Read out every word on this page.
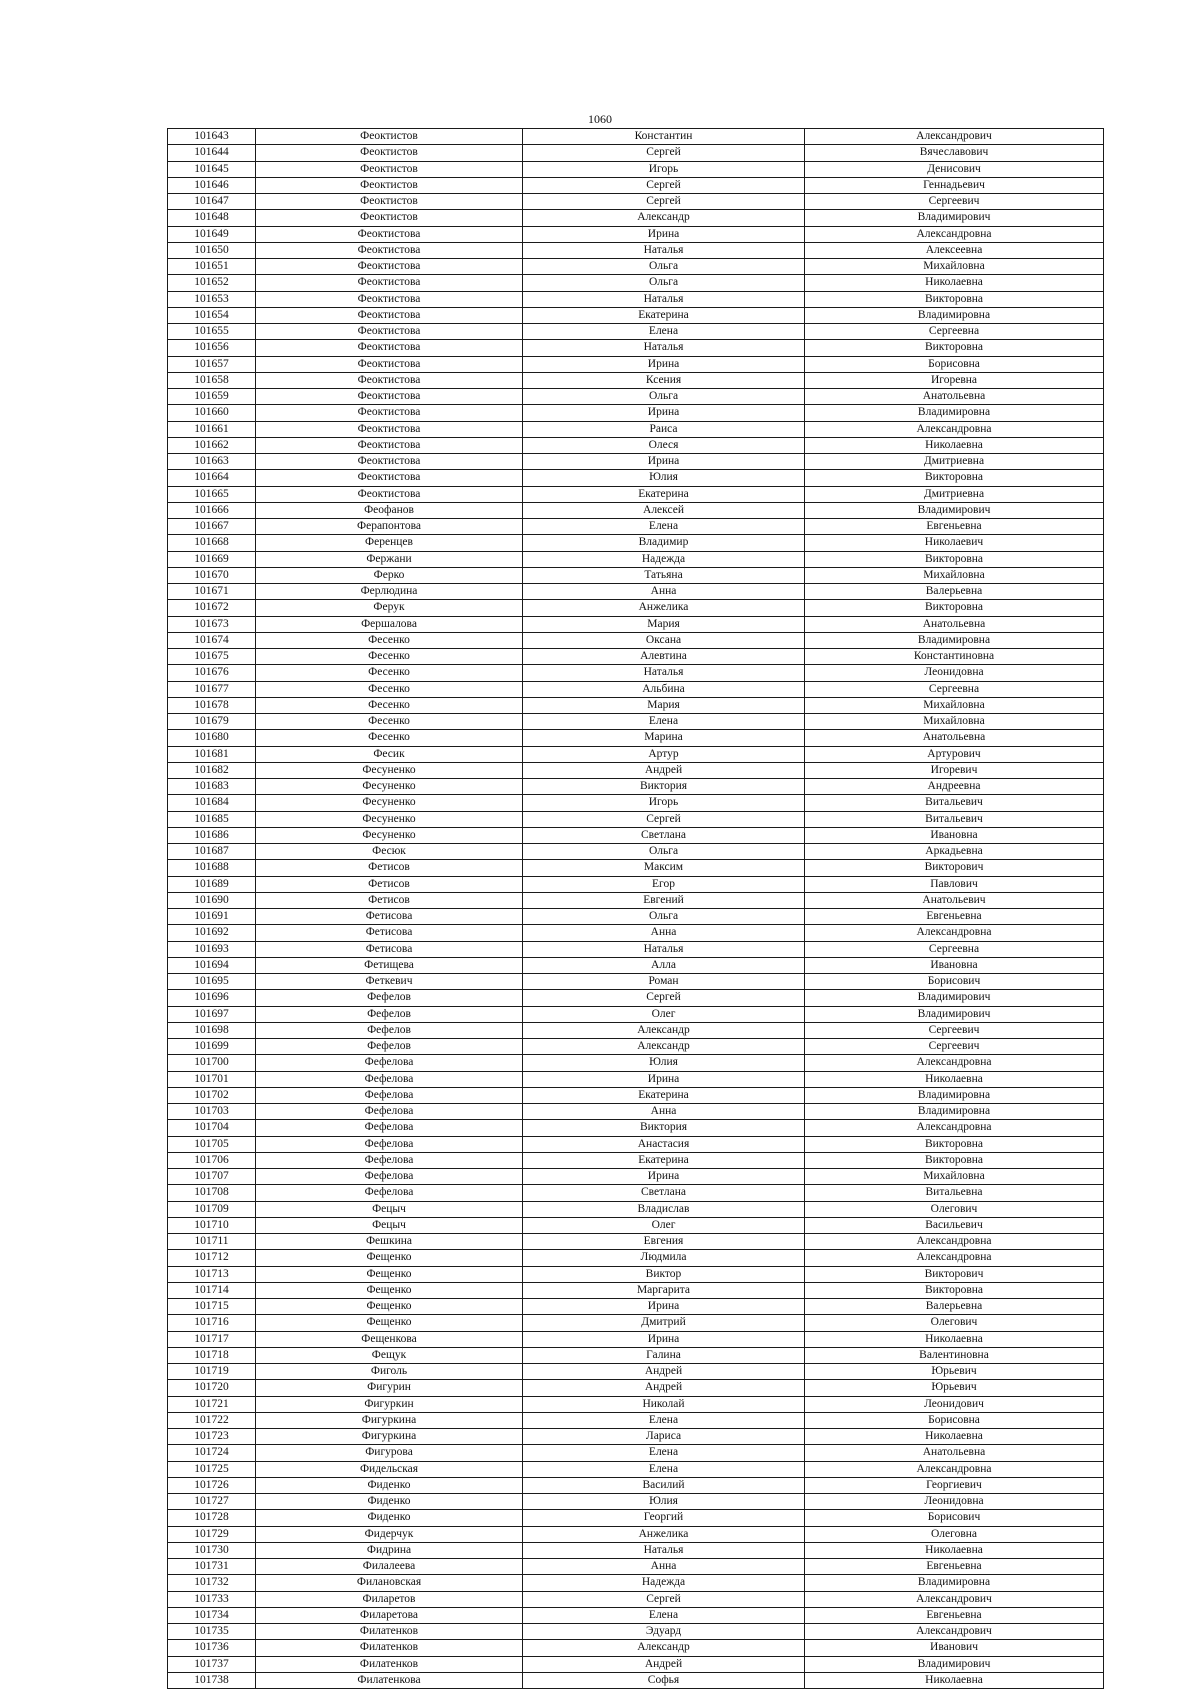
1060
101643	Феоктистов	Константин	Александрович
101644	Феоктистов	Сергей	Вячеславович
101645	Феоктистов	Игорь	Денисович
101646	Феоктистов	Сергей	Геннадьевич
101647	Феоктистов	Сергей	Сергеевич
101648	Феоктистов	Александр	Владимирович
101649	Феоктистова	Ирина	Александровна
101650	Феоктистова	Наталья	Алексеевна
101651	Феоктистова	Ольга	Михайловна
101652	Феоктистова	Ольга	Николаевна
101653	Феоктистова	Наталья	Викторовна
101654	Феоктистова	Екатерина	Владимировна
101655	Феоктистова	Елена	Сергеевна
101656	Феоктистова	Наталья	Викторовна
101657	Феоктистова	Ирина	Борисовна
101658	Феоктистова	Ксения	Игоревна
101659	Феоктистова	Ольга	Анатольевна
101660	Феоктистова	Ирина	Владимировна
101661	Феоктистова	Раиса	Александровна
101662	Феоктистова	Олеся	Николаевна
101663	Феоктистова	Ирина	Дмитриевна
101664	Феоктистова	Юлия	Викторовна
101665	Феоктистова	Екатерина	Дмитриевна
101666	Феофанов	Алексей	Владимирович
101667	Ферапонтова	Елена	Евгеньевна
101668	Ференцев	Владимир	Николаевич
101669	Фержани	Надежда	Викторовна
101670	Ферко	Татьяна	Михайловна
101671	Ферлюдина	Анна	Валерьевна
101672	Ферук	Анжелика	Викторовна
101673	Фершалова	Мария	Анатольевна
101674	Фесенко	Оксана	Владимировна
101675	Фесенко	Алевтина	Константиновна
101676	Фесенко	Наталья	Леонидовна
101677	Фесенко	Альбина	Сергеевна
101678	Фесенко	Мария	Михайловна
101679	Фесенко	Елена	Михайловна
101680	Фесенко	Марина	Анатольевна
101681	Фесик	Артур	Артурович
101682	Фесуненко	Андрей	Игоревич
101683	Фесуненко	Виктория	Андреевна
101684	Фесуненко	Игорь	Витальевич
101685	Фесуненко	Сергей	Витальевич
101686	Фесуненко	Светлана	Ивановна
101687	Фесюк	Ольга	Аркадьевна
101688	Фетисов	Максим	Викторович
101689	Фетисов	Егор	Павлович
101690	Фетисов	Евгений	Анатольевич
101691	Фетисова	Ольга	Евгеньевна
101692	Фетисова	Анна	Александровна
101693	Фетисова	Наталья	Сергеевна
101694	Фетищева	Алла	Ивановна
101695	Феткевич	Роман	Борисович
101696	Фефелов	Сергей	Владимирович
101697	Фефелов	Олег	Владимирович
101698	Фефелов	Александр	Сергеевич
101699	Фефелов	Александр	Сергеевич
101700	Фефелова	Юлия	Александровна
101701	Фефелова	Ирина	Николаевна
101702	Фефелова	Екатерина	Владимировна
101703	Фефелова	Анна	Владимировна
101704	Фефелова	Виктория	Александровна
101705	Фефелова	Анастасия	Викторовна
101706	Фефелова	Екатерина	Викторовна
101707	Фефелова	Ирина	Михайловна
101708	Фефелова	Светлана	Витальевна
101709	Фецыч	Владислав	Олегович
101710	Фецыч	Олег	Васильевич
101711	Фешкина	Евгения	Александровна
101712	Фещенко	Людмила	Александровна
101713	Фещенко	Виктор	Викторович
101714	Фещенко	Маргарита	Викторовна
101715	Фещенко	Ирина	Валерьевна
101716	Фещенко	Дмитрий	Олегович
101717	Фещенкова	Ирина	Николаевна
101718	Фещук	Галина	Валентиновна
101719	Фиголь	Андрей	Юрьевич
101720	Фигурин	Андрей	Юрьевич
101721	Фигуркин	Николай	Леонидович
101722	Фигуркина	Елена	Борисовна
101723	Фигуркина	Лариса	Николаевна
101724	Фигурова	Елена	Анатольевна
101725	Фидельская	Елена	Александровна
101726	Фиденко	Василий	Георгиевич
101727	Фиденко	Юлия	Леонидовна
101728	Фиденко	Георгий	Борисович
101729	Фидерчук	Анжелика	Олеговна
101730	Фидрина	Наталья	Николаевна
101731	Филалеева	Анна	Евгеньевна
101732	Филановская	Надежда	Владимировна
101733	Филаретов	Сергей	Александрович
101734	Филаретова	Елена	Евгеньевна
101735	Филатенков	Эдуард	Александрович
101736	Филатенков	Александр	Иванович
101737	Филатенков	Андрей	Владимирович
101738	Филатенкова	Софья	Николаевна
